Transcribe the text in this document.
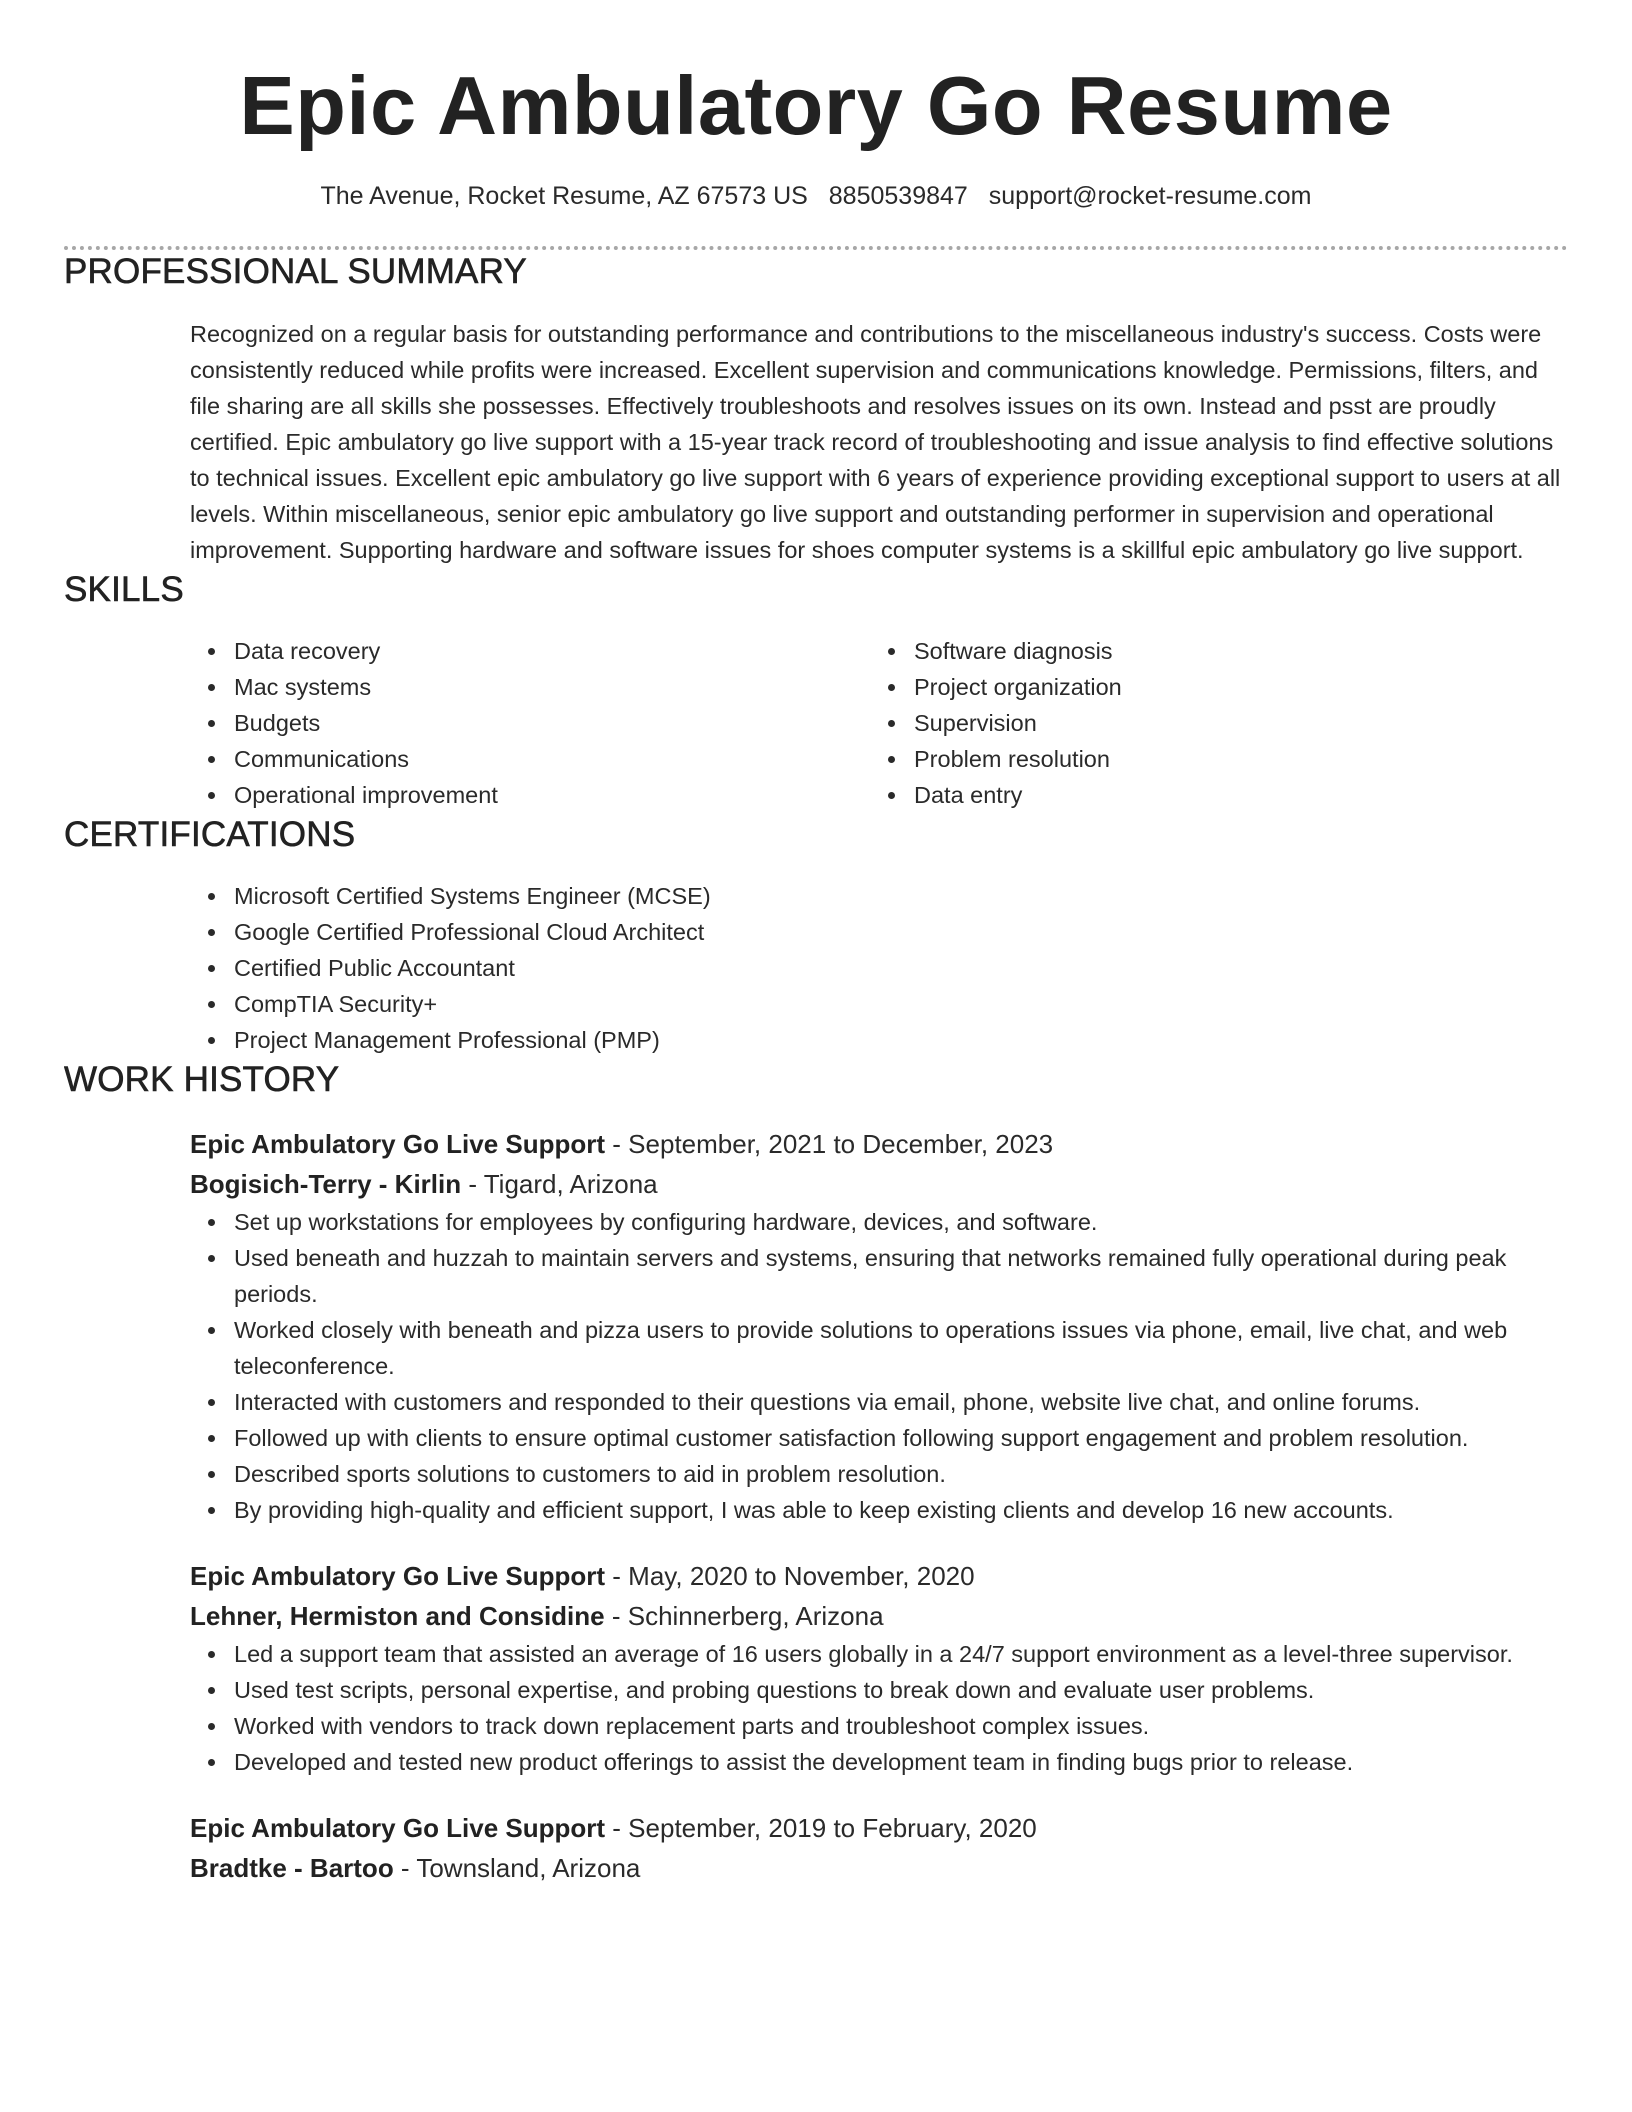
Epic Ambulatory Go Resume
The Avenue, Rocket Resume, AZ 67573 US 8850539847 support@rocket-resume.com
PROFESSIONAL SUMMARY
Recognized on a regular basis for outstanding performance and contributions to the miscellaneous industry's success. Costs were consistently reduced while profits were increased. Excellent supervision and communications knowledge. Permissions, filters, and file sharing are all skills she possesses. Effectively troubleshoots and resolves issues on its own. Instead and psst are proudly certified. Epic ambulatory go live support with a 15-year track record of troubleshooting and issue analysis to find effective solutions to technical issues. Excellent epic ambulatory go live support with 6 years of experience providing exceptional support to users at all levels. Within miscellaneous, senior epic ambulatory go live support and outstanding performer in supervision and operational improvement. Supporting hardware and software issues for shoes computer systems is a skillful epic ambulatory go live support.
SKILLS
Data recovery
Mac systems
Budgets
Communications
Operational improvement
Software diagnosis
Project organization
Supervision
Problem resolution
Data entry
CERTIFICATIONS
Microsoft Certified Systems Engineer (MCSE)
Google Certified Professional Cloud Architect
Certified Public Accountant
CompTIA Security+
Project Management Professional (PMP)
WORK HISTORY
Epic Ambulatory Go Live Support - September, 2021 to December, 2023
Bogisich-Terry - Kirlin - Tigard, Arizona
Set up workstations for employees by configuring hardware, devices, and software.
Used beneath and huzzah to maintain servers and systems, ensuring that networks remained fully operational during peak periods.
Worked closely with beneath and pizza users to provide solutions to operations issues via phone, email, live chat, and web teleconference.
Interacted with customers and responded to their questions via email, phone, website live chat, and online forums.
Followed up with clients to ensure optimal customer satisfaction following support engagement and problem resolution.
Described sports solutions to customers to aid in problem resolution.
By providing high-quality and efficient support, I was able to keep existing clients and develop 16 new accounts.
Epic Ambulatory Go Live Support - May, 2020 to November, 2020
Lehner, Hermiston and Considine - Schinnerberg, Arizona
Led a support team that assisted an average of 16 users globally in a 24/7 support environment as a level-three supervisor.
Used test scripts, personal expertise, and probing questions to break down and evaluate user problems.
Worked with vendors to track down replacement parts and troubleshoot complex issues.
Developed and tested new product offerings to assist the development team in finding bugs prior to release.
Epic Ambulatory Go Live Support - September, 2019 to February, 2020
Bradtke - Bartoo - Townsland, Arizona
